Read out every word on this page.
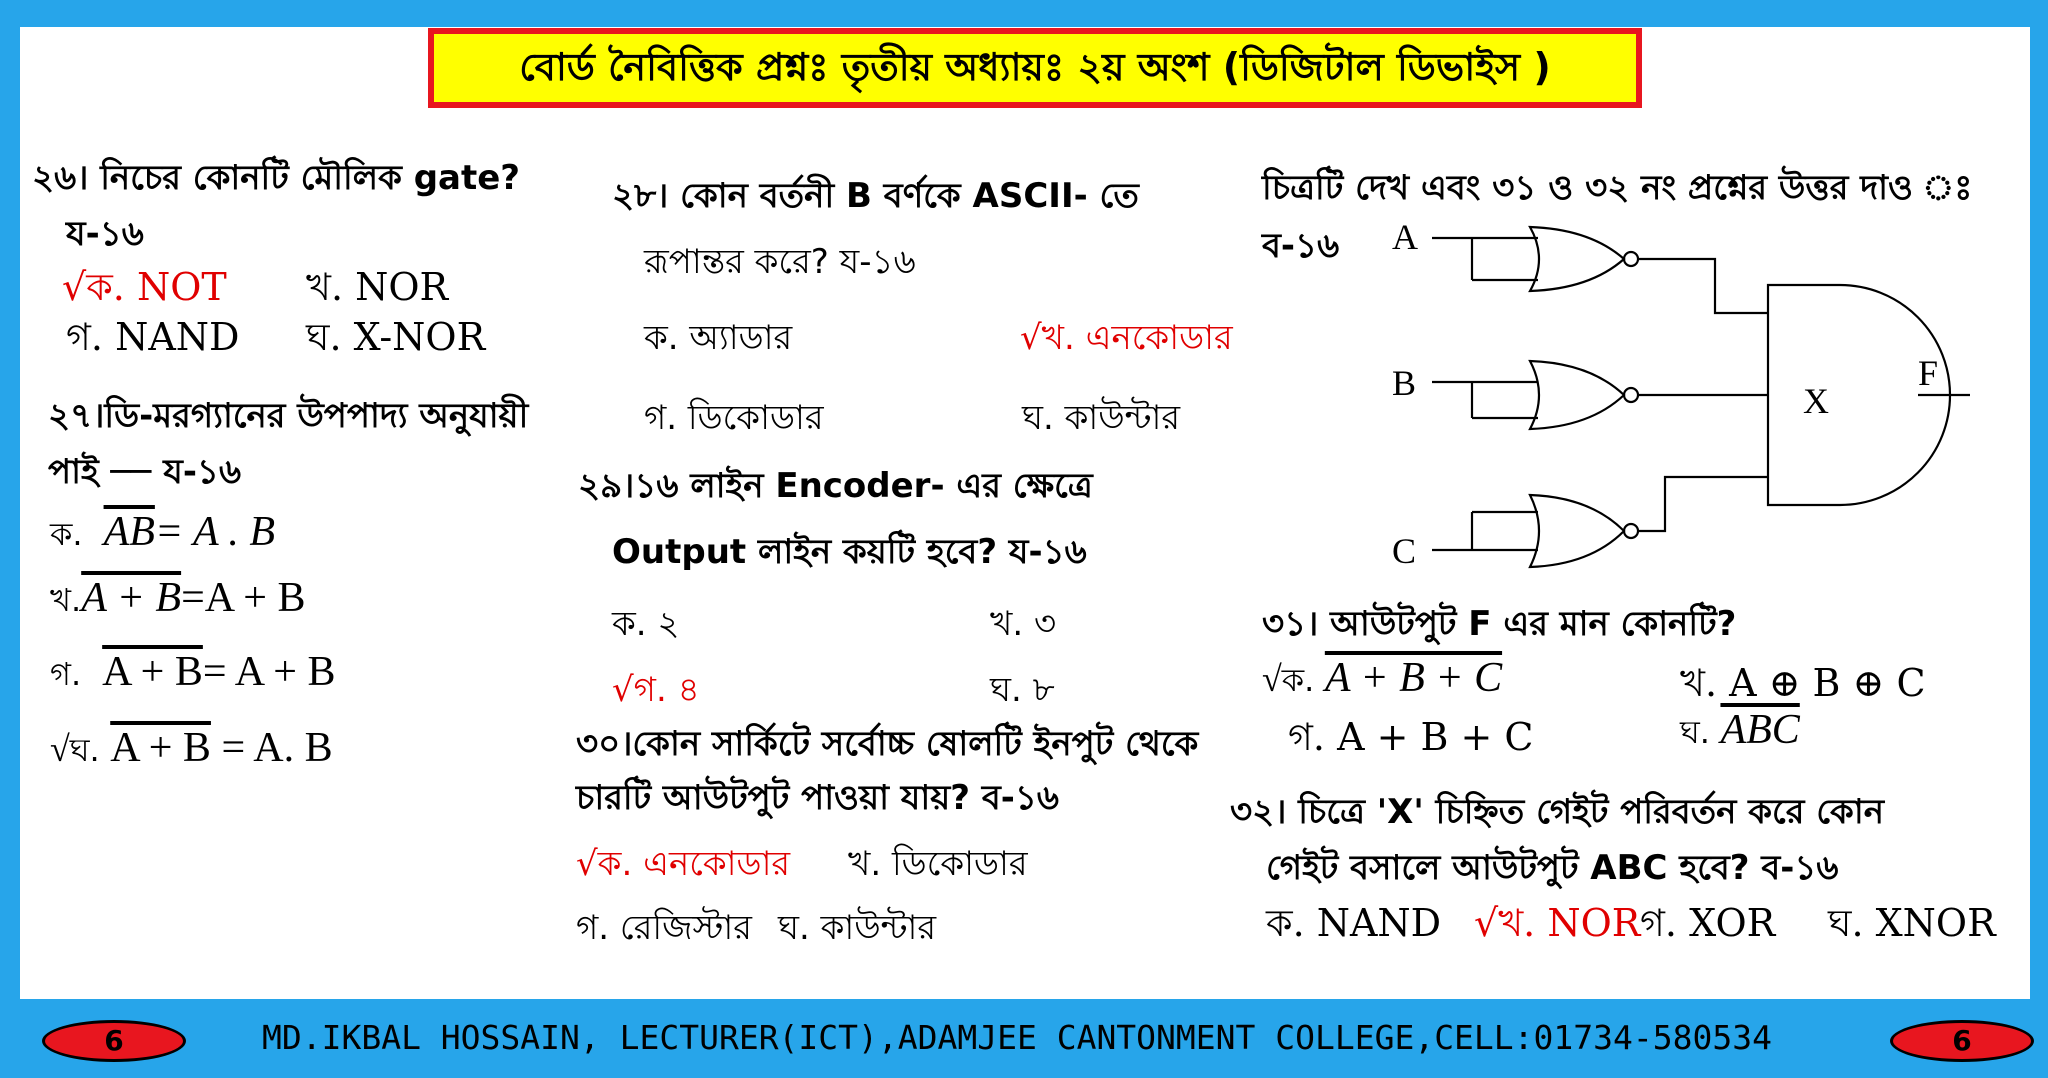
বোর্ড নৈবিত্তিক প্রশ্নঃ তৃতীয় অধ্যায়ঃ ২য় অংশ (ডিজিটাল ডিভাইস )
২৬। নিচের কোনটি মৌলিক gate?
য-১৬
√ক. NOT খ. NOR
গ. NAND ঘ. X-NOR
২৭।ডি-মরগ্যানের উপপাদ্য অনুযায়ী
পাই ── য-১৬
ক. $\overline{AB}= A$ . B
খ.A + B=A + B
গ. A + B= A + B
√ঘ. A + B = A. B
২৮। কোন বর্তনী B বর্ণকে ASCII- তে
রূপান্তর করে? য-১৬
ক. অ্যাডার	√খ. এনকোডার
গ. ডিকোডার	ঘ. কাউন্টার
২৯।১৬ লাইন Encoder- এর ক্ষেত্রে
Output লাইন কয়টি হবে? য-১৬
ক. ২	খ. ৩
√গ. ৪	ঘ. ৮
৩০।কোন সার্কিটে সর্বোচ্চ ষোলটি ইনপুট থেকে
চারটি আউটপুট পাওয়া যায়? ব-১৬
√ক. এনকোডার খ. ডিকোডার
গ. রেজিস্টার ঘ. কাউন্টার
চিত্রটি দেখ এবং ৩১ ও ৩২ নং প্রশ্নের উত্তর দাও ঃ
ব-১৬ A
B
C
X
F
৩১। আউটপুট F এর মান কোনটি?
√ক. A + B + C	খ. A ⊕ B ⊕ C
গ. A + B + C	ঘ. $\overline{ABC}$
৩২। চিত্রে 'X' চিহ্নিত গেইট পরিবর্তন করে কোন
গেইট বসালে আউটপুট ABC হবে? ব-১৬
ক. NAND √খ. NOR গ. XOR ঘ. XNOR
6	MD.IKBAL HOSSAIN, LECTURER(ICT),ADAMJEE CANTONMENT COLLEGE,CELL:01734-580534	6
